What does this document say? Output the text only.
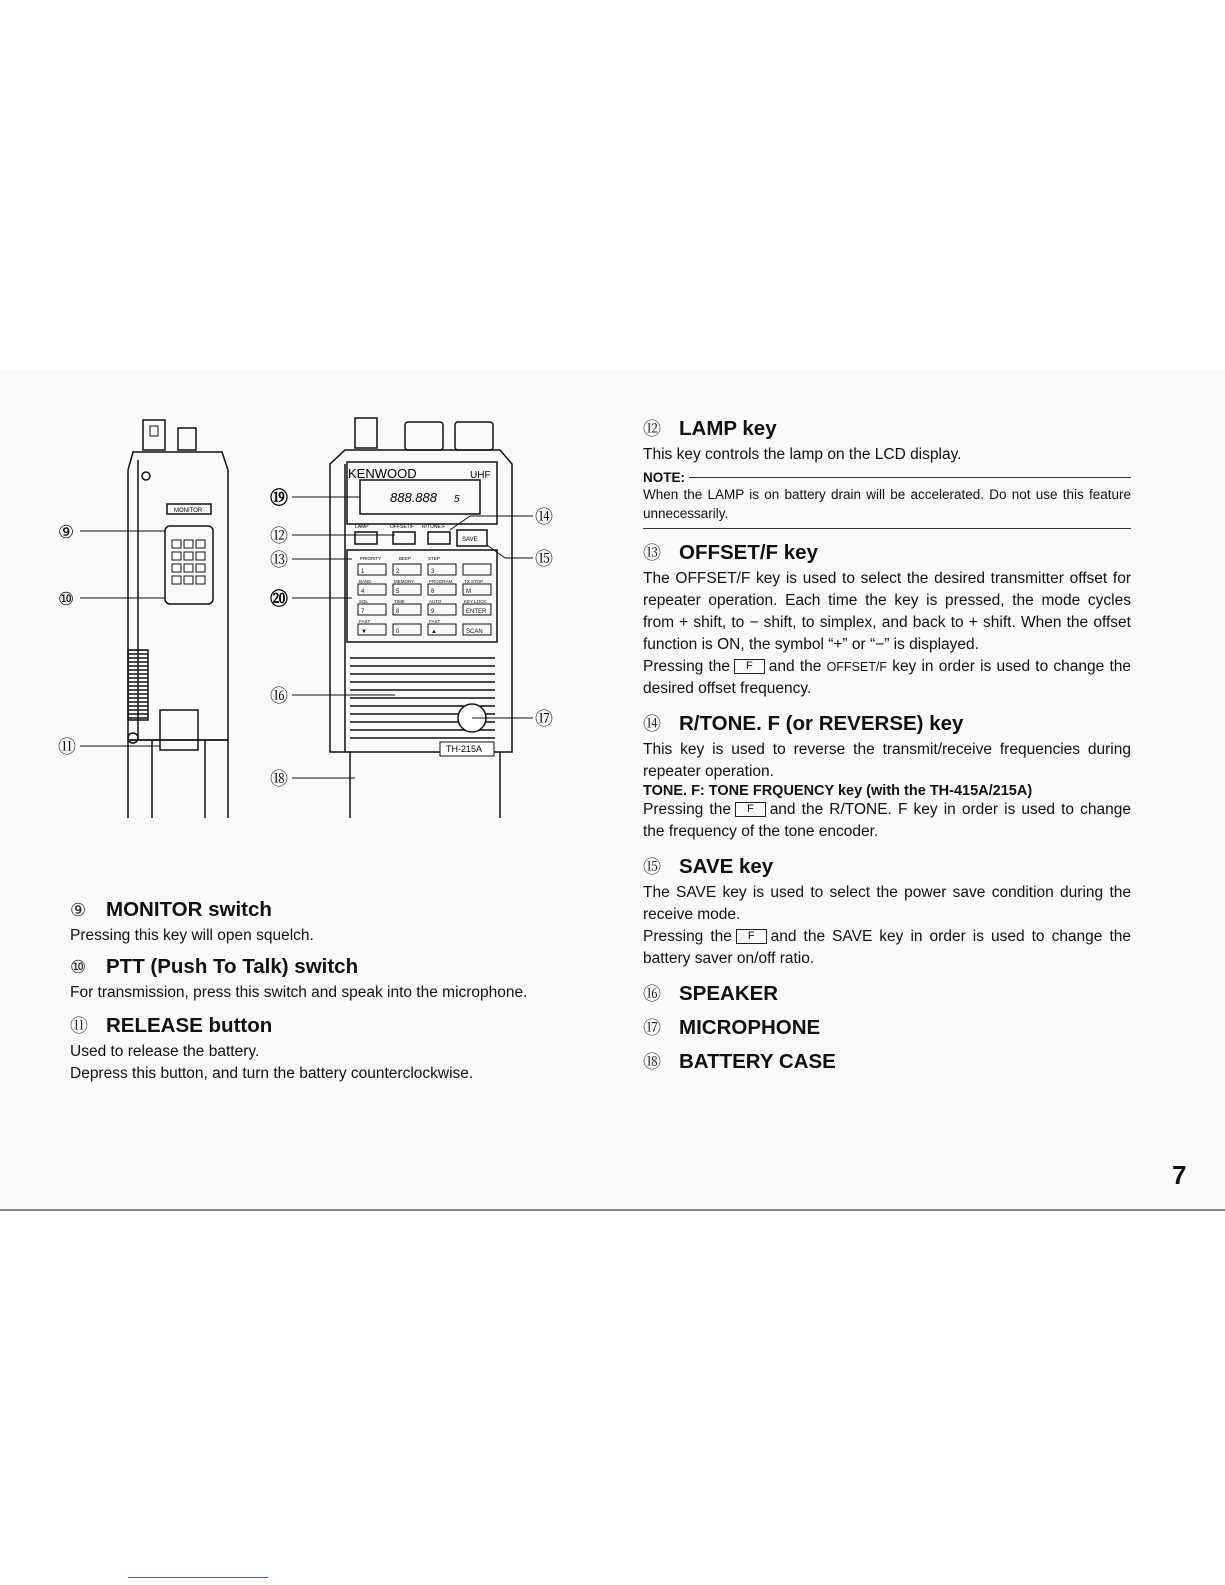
MONITOR
KENWOOD	UHF
888.888 5
LAMP	OFFSET/F R/TONE.F
SAVE
PRIORITY	BEEP	STEP
1	2	3
4
BAND
5
MEMORY
6
PROGRAM
M
TX STOP
7
SQL
8
TIME
9
AUTO
ENTER
KEY LOCK
▼
FAST
0	▲
FAST
SCAN
TH-215A
⑨
⑩
⑪
⑫
⑬
⑭
⑮
⑯
⑰
⑱
⑲
⑳
⑨ MONITOR switch

Pressing this key will open squelch.

⑩ PTT (Push To Talk) switch

For transmission, press this switch and speak into the microphone.

⑪ RELEASE button

Used to release the battery.

Depress this button, and turn the battery counterclockwise.

⑫ LAMP key

This key controls the lamp on the LCD display.

NOTE:

When the LAMP is on battery drain will be accelerated. Do not use this feature unnecessarily.

⑬ OFFSET/F key

The OFFSET/F key is used to select the desired transmitter offset for repeater operation. Each time the key is pressed, the mode cycles from + shift, to − shift, to simplex, and back to + shift. When the offset function is ON, the symbol “+” or “−” is displayed.

Pressing the F and the OFFSET/F key in order is used to change the desired offset frequency.

⑭ R/TONE. F (or REVERSE) key

This key is used to reverse the transmit/receive frequencies during repeater operation.

TONE. F: TONE FRQUENCY key (with the TH-415A/215A)

Pressing the F and the R/TONE. F key in order is used to change the frequency of the tone encoder.

⑮ SAVE key

The SAVE key is used to select the power save condition during the receive mode.

Pressing the F and the SAVE key in order is used to change the battery saver on/off ratio.

⑯ SPEAKER
⑰ MICROPHONE
⑱ BATTERY CASE
7
